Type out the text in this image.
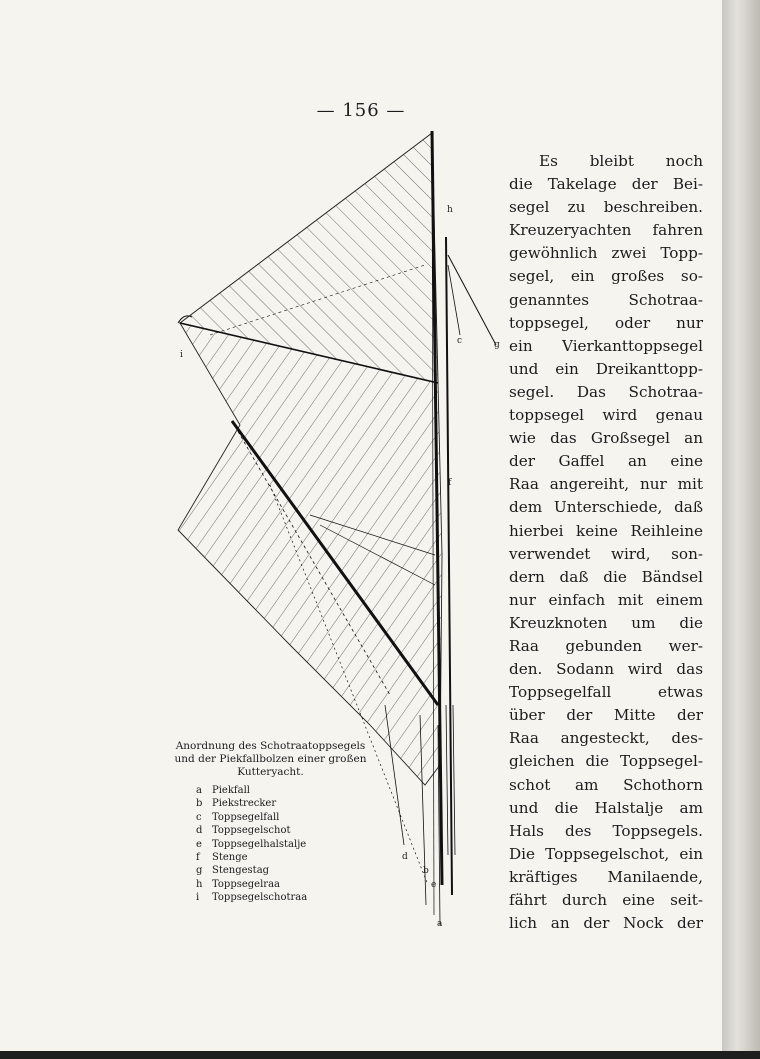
— 156 —
h
c	g
i
f
d
b
e
a
Anordnung des Schotraatoppsegels
und der Piekfallbolzen einer großen
Kutteryacht.
a	Piekfall
b Piekstrecker
c	Toppsegelfall
d Toppsegelschot
e	Toppsegelhalstalje
f	Stenge
g Stengestag
h Toppsegelraa
i	Toppsegelschotraa
Es bleibt noch
die Takelage der Bei-
segel zu beschreiben.
Kreuzeryachten fahren
gewöhnlich zwei Topp-
segel, ein großes so-
genanntes Schotraa-
toppsegel, oder nur
ein Vierkanttoppsegel
und ein Dreikanttopp-
segel. Das Schotraa-
toppsegel wird genau
wie das Großsegel an
der Gaffel an eine
Raa angereiht, nur mit
dem Unterschiede, daß
hierbei keine Reihleine
verwendet wird, son-
dern daß die Bändsel
nur einfach mit einem
Kreuzknoten um die
Raa gebunden wer-
den. Sodann wird das
Toppsegelfall etwas
über der Mitte der
Raa angesteckt, des-
gleichen die Toppsegel-
schot am Schothorn
und die Halstalje am
Hals des Toppsegels.
Die Toppsegelschot, ein
kräftiges Manilaende,
fährt durch eine seit-
lich an der Nock der
